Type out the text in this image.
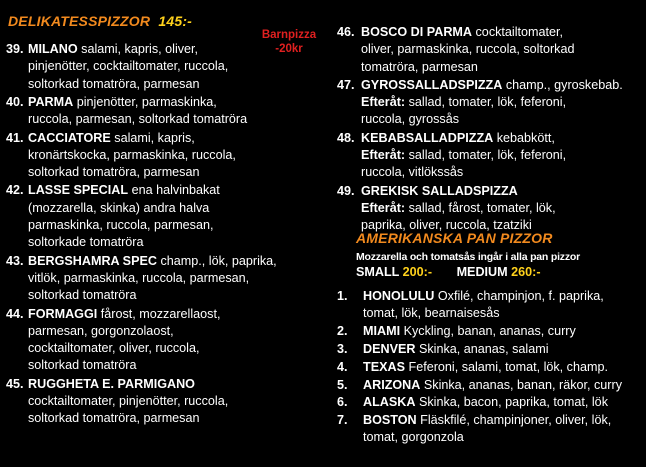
DELIKATESSPIZZOR 145:-
Barnpizza
-20kr
39. MILANO salami, kapris, oliver,
pinjenötter, cocktailtomater, ruccola,
soltorkad tomatröra, parmesan
40. PARMA pinjenötter, parmaskinka,
ruccola, parmesan, soltorkad tomatröra
41. CACCIATORE salami, kapris,
kronärtskocka, parmaskinka, ruccola,
soltorkad tomatröra, parmesan
42. LASSE SPECIAL ena halvinbakat
(mozzarella, skinka) andra halva
parmaskinka, ruccola, parmesan,
soltorkade tomatröra
43. BERGSHAMRA SPEC champ., lök, paprika,
vitlök, parmaskinka, ruccola, parmesan,
soltorkad tomatröra
44. FORMAGGI fårost, mozzarellaost,
parmesan, gorgonzolaost,
cocktailtomater, oliver, ruccola,
soltorkad tomatröra
45. RUGGHETA E. PARMIGANO
cocktailtomater, pinjenötter, ruccola,
soltorkad tomatröra, parmesan
46. BOSCO DI PARMA cocktailtomater,
oliver, parmaskinka, ruccola, soltorkad
tomatröra, parmesan
47. GYROSSALLADSPIZZA champ., gyroskebab.
Efteråt: sallad, tomater, lök, feferoni,
ruccola, gyrossås
48. KEBABSALLADPIZZA kebabkött,
Efteråt: sallad, tomater, lök, feferoni,
ruccola, vitlökssås
49. GREKISK SALLADSPIZZA
Efteråt: sallad, fårost, tomater, lök,
paprika, oliver, ruccola, tzatziki
AMERIKANSKA PAN PIZZOR
Mozzarella och tomatsås ingår i alla pan pizzor
SMALL 200:- MEDIUM 260:-
1. HONOLULU Oxfilé, champinjon, f. paprika,
tomat, lök, bearnaisesås
2. MIAMI Kyckling, banan, ananas, curry
3. DENVER Skinka, ananas, salami
4. TEXAS Feferoni, salami, tomat, lök, champ.
5. ARIZONA Skinka, ananas, banan, räkor, curry
6. ALASKA Skinka, bacon, paprika, tomat, lök
7. BOSTON Fläskfilé, champinjoner, oliver, lök,
tomat, gorgonzola
